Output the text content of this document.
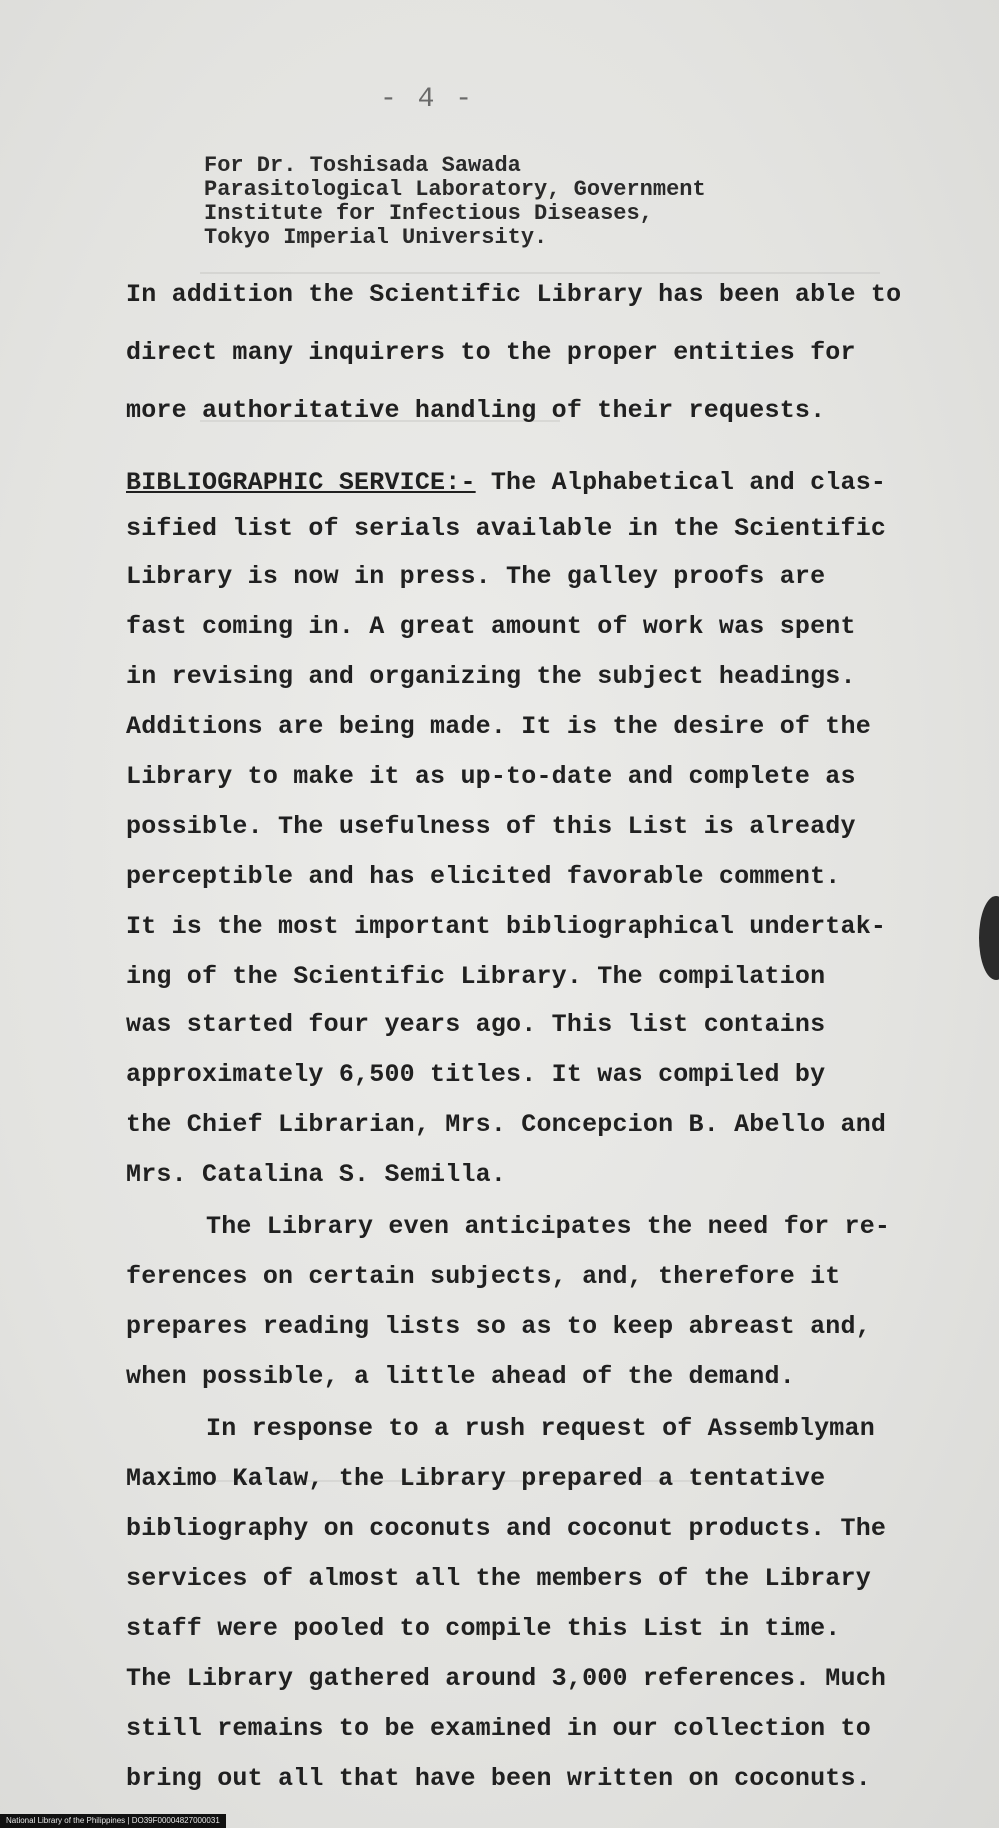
- 4 -
For Dr. Toshisada Sawada
Parasitological Laboratory, Government
Institute for Infectious Diseases,
Tokyo Imperial University.
In addition the Scientific Library has been able to
direct many inquirers to the proper entities for
more authoritative handling of their requests.
BIBLIOGRAPHIC SERVICE:- The Alphabetical and clas-
sified list of serials available in the Scientific
Library is now in press. The galley proofs are
fast coming in. A great amount of work was spent
in revising and organizing the subject headings.
Additions are being made. It is the desire of the
Library to make it as up-to-date and complete as
possible. The usefulness of this List is already
perceptible and has elicited favorable comment.
It is the most important bibliographical undertak-
ing of the Scientific Library. The compilation
was started four years ago. This list contains
approximately 6,500 titles. It was compiled by
the Chief Librarian, Mrs. Concepcion B. Abello and
Mrs. Catalina S. Semilla.
The Library even anticipates the need for re-
ferences on certain subjects, and, therefore it
prepares reading lists so as to keep abreast and,
when possible, a little ahead of the demand.
In response to a rush request of Assemblyman
Maximo Kalaw, the Library prepared a tentative
bibliography on coconuts and coconut products. The
services of almost all the members of the Library
staff were pooled to compile this List in time.
The Library gathered around 3,000 references. Much
still remains to be examined in our collection to
bring out all that have been written on coconuts.
National Library of the Philippines | DO39F00004827000031
